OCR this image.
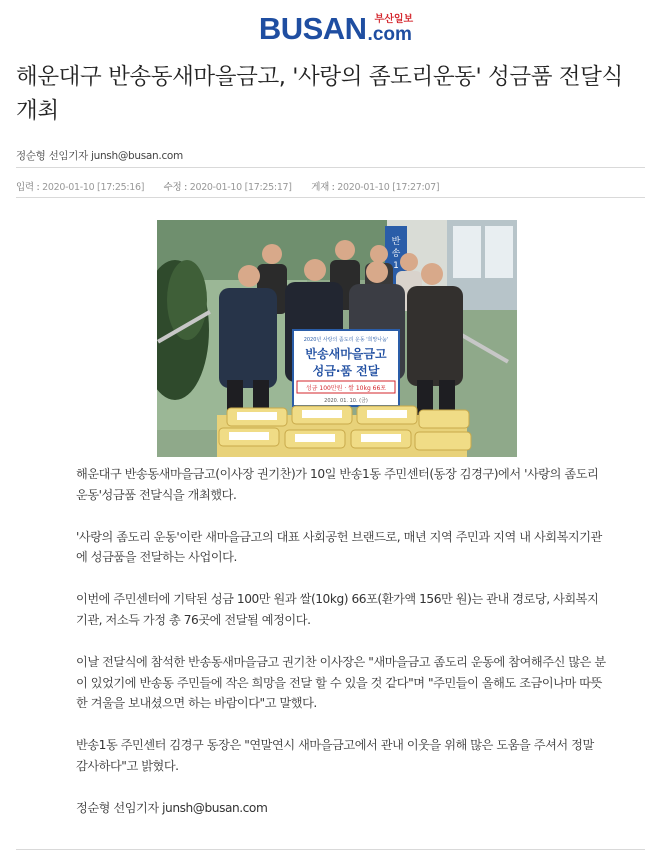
BUSAN 부산일보
.com
해운대구 반송동새마을금고, '사랑의 좀도리운동' 성금품 전달식 개최
정순형 선임기자 junsh@busan.com
입력 : 2020-01-10 [17:25:16] 수정 : 2020-01-10 [17:25:17] 게재 : 2020-01-10 [17:27:07]
반
송
1
2020년 사랑의 좀도리 운동 '희망나눔'
반송새마을금고
성금·품 전달
성금 100만원 · 쌀 10kg 66포
2020. 01. 10. (금)

해운대구 반송동새마을금고(이사장 권기찬)가 10일 반송1동 주민센터(동장 김경구)에서 '사랑의 좀도리 운동'성금품 전달식을 개최했다.

'사랑의 좀도리 운동'이란 새마을금고의 대표 사회공헌 브랜드로, 매년 지역 주민과 지역 내 사회복지기관에 성금품을 전달하는 사업이다.

이번에 주민센터에 기탁된 성금 100만 원과 쌀(10kg) 66포(환가액 156만 원)는 관내 경로당, 사회복지기관, 저소득 가정 총 76곳에 전달될 예정이다.

이날 전달식에 참석한 반송동새마을금고 권기찬 이사장은 "새마을금고 좀도리 운동에 참여해주신 많은 분이 있었기에 반송동 주민들에 작은 희망을 전달 할 수 있을 것 같다"며 "주민들이 올해도 조금이나마 따뜻한 겨울을 보내셨으면 하는 바람이다"고 말했다.

반송1동 주민센터 김경구 동장은 "연말연시 새마을금고에서 관내 이웃을 위해 많은 도움을 주셔서 정말 감사하다"고 밝혔다.

정순형 선임기자 junsh@busan.com
